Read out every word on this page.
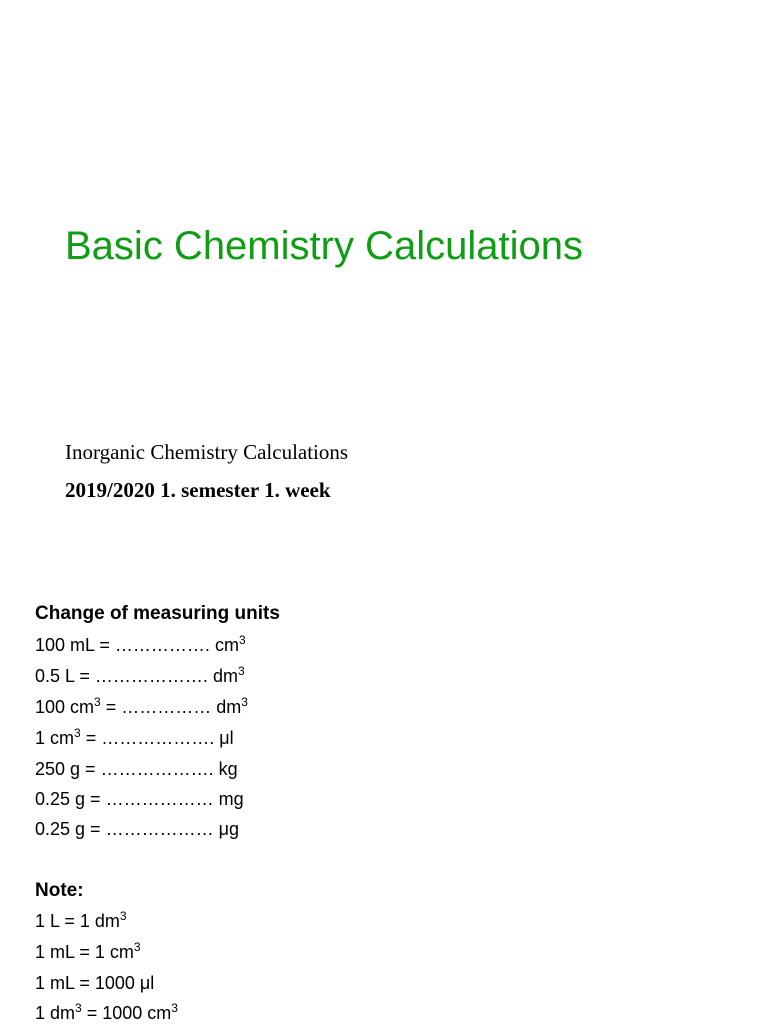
Basic Chemistry Calculations
Inorganic Chemistry Calculations
2019/2020 1. semester 1. week
Change of measuring units
100 mL = ……………. $cm^3$
0.5 L = ………………. $dm^3$
100 $cm^3$ = …………… $dm^3$
1 $cm^3$ = ………………. μl
250 g = ………………. kg
0.25 g = ……………… mg
0.25 g = ……………… μg
Note:
1 L = 1 $dm^3$
1 mL = 1 $cm^3$
1 mL = 1000 μl
1 $dm^3 = 1000$ $cm^3$
